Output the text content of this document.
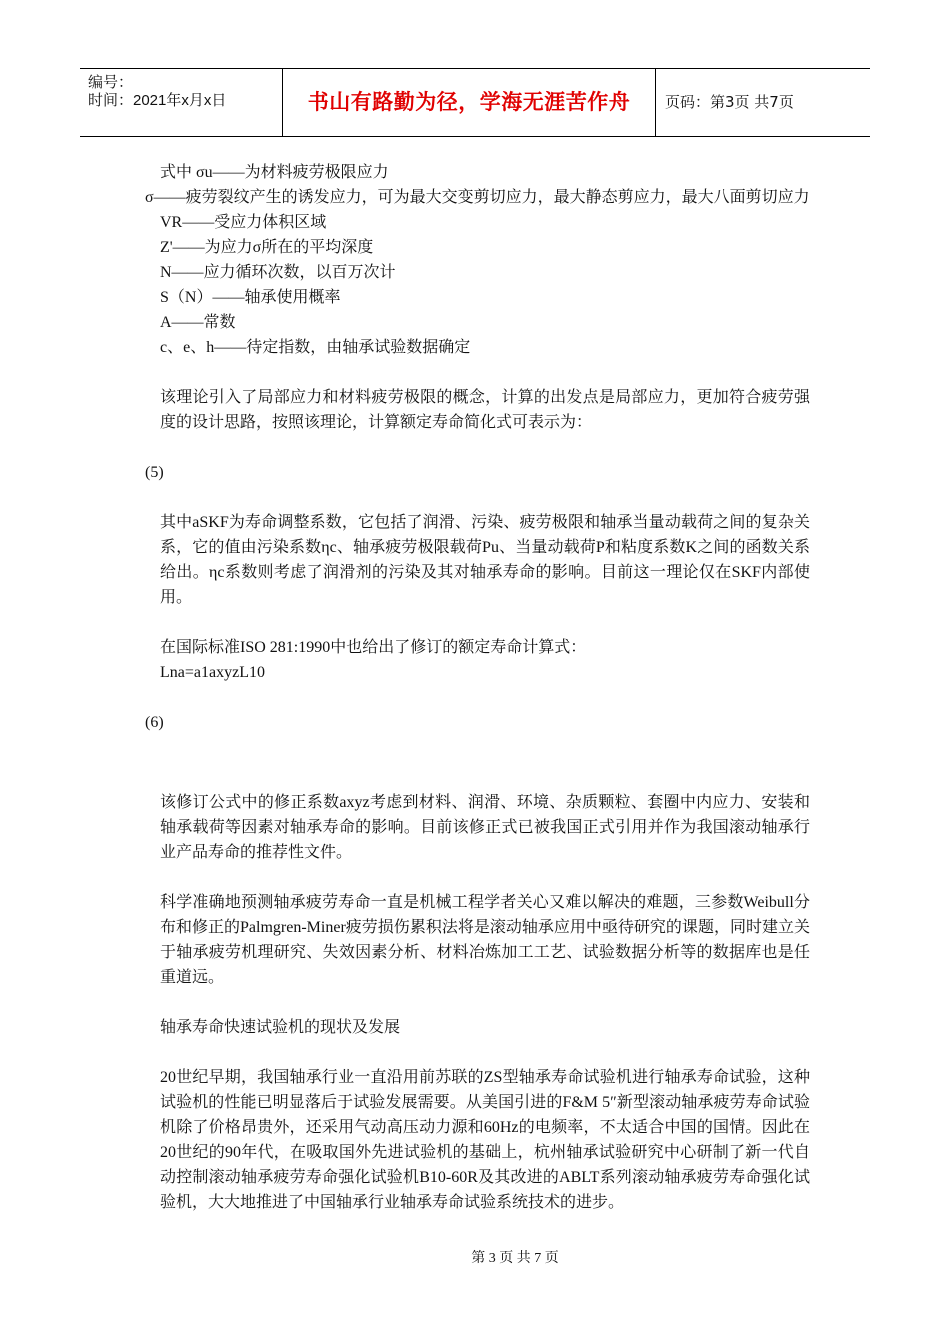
编号：
时间：2021年x月x日	书山有路勤为径，学海无涯苦作舟	页码：第3页 共7页

式中 σu——为材料疲劳极限应力

σ——疲劳裂纹产生的诱发应力，可为最大交变剪切应力，最大静态剪应力，最大八面剪切应力

VR——受应力体积区域

Z'——为应力σ所在的平均深度

N——应力循环次数，以百万次计

S（N）——轴承使用概率

A——常数

c、e、h——待定指数，由轴承试验数据确定

该理论引入了局部应力和材料疲劳极限的概念，计算的出发点是局部应力，更加符合疲劳强度的设计思路，按照该理论，计算额定寿命简化式可表示为：

(5)

其中aSKF为寿命调整系数，它包括了润滑、污染、疲劳极限和轴承当量动载荷之间的复杂关系，它的值由污染系数ηc、轴承疲劳极限载荷Pu、当量动载荷P和粘度系数K之间的函数关系给出。ηc系数则考虑了润滑剂的污染及其对轴承寿命的影响。目前这一理论仅在SKF内部使用。

在国际标准ISO 281:1990中也给出了修订的额定寿命计算式：

Lna=a1axyzL10

(6)

该修订公式中的修正系数axyz考虑到材料、润滑、环境、杂质颗粒、套圈中内应力、安装和轴承载荷等因素对轴承寿命的影响。目前该修正式已被我国正式引用并作为我国滚动轴承行业产品寿命的推荐性文件。

科学准确地预测轴承疲劳寿命一直是机械工程学者关心又难以解决的难题，三参数Weibull分布和修正的Palmgren-Miner疲劳损伤累积法将是滚动轴承应用中亟待研究的课题，同时建立关于轴承疲劳机理研究、失效因素分析、材料冶炼加工工艺、试验数据分析等的数据库也是任重道远。

轴承寿命快速试验机的现状及发展

20世纪早期，我国轴承行业一直沿用前苏联的ZS型轴承寿命试验机进行轴承寿命试验，这种试验机的性能已明显落后于试验发展需要。从美国引进的F&M 5″新型滚动轴承疲劳寿命试验机除了价格昂贵外，还采用气动高压动力源和60Hz的电频率，不太适合中国的国情。因此在20世纪的90年代，在吸取国外先进试验机的基础上，杭州轴承试验研究中心研制了新一代自动控制滚动轴承疲劳寿命强化试验机B10-60R及其改进的ABLT系列滚动轴承疲劳寿命强化试验机，大大地推进了中国轴承行业轴承寿命试验系统技术的进步。

第 3 页 共 7 页
